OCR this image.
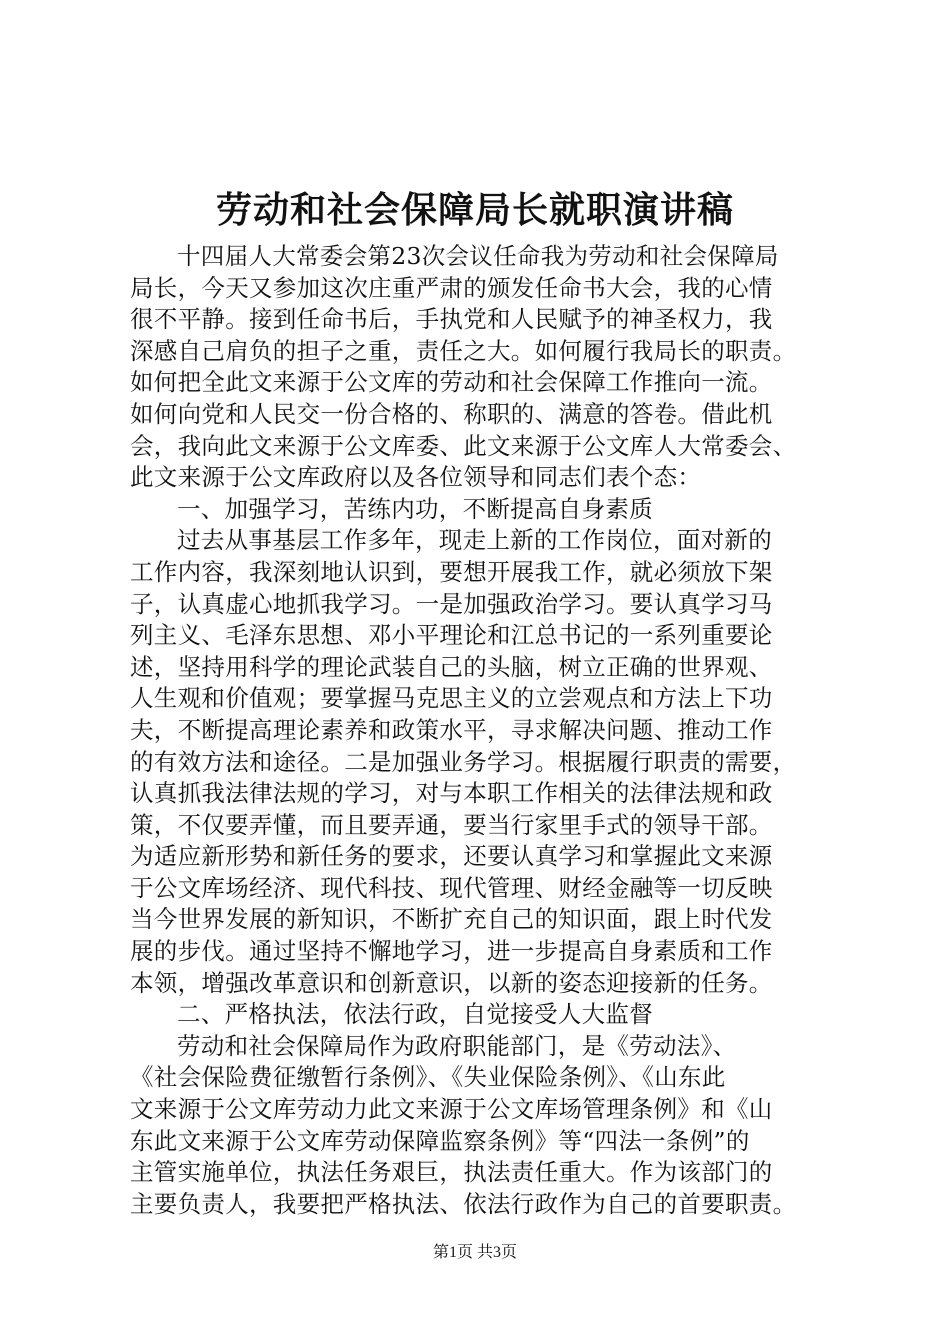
劳动和社会保障局长就职演讲稿
十四届人大常委会第23次会议任命我为劳动和社会保障局
局长，今天又参加这次庄重严肃的颁发任命书大会，我的心情
很不平静。接到任命书后，手执党和人民赋予的神圣权力，我
深感自己肩负的担子之重，责任之大。如何履行我局长的职责。
如何把全此文来源于公文库的劳动和社会保障工作推向一流。
如何向党和人民交一份合格的、称职的、满意的答卷。借此机
会，我向此文来源于公文库委、此文来源于公文库人大常委会、
此文来源于公文库政府以及各位领导和同志们表个态：
一、加强学习，苦练内功，不断提高自身素质
过去从事基层工作多年，现走上新的工作岗位，面对新的
工作内容，我深刻地认识到，要想开展我工作，就必须放下架
子，认真虚心地抓我学习。一是加强政治学习。要认真学习马
列主义、毛泽东思想、邓小平理论和江总书记的一系列重要论
述，坚持用科学的理论武装自己的头脑，树立正确的世界观、
人生观和价值观；要掌握马克思主义的立尝观点和方法上下功
夫，不断提高理论素养和政策水平，寻求解决问题、推动工作
的有效方法和途径。二是加强业务学习。根据履行职责的需要，
认真抓我法律法规的学习，对与本职工作相关的法律法规和政
策，不仅要弄懂，而且要弄通，要当行家里手式的领导干部。
为适应新形势和新任务的要求，还要认真学习和掌握此文来源
于公文库场经济、现代科技、现代管理、财经金融等一切反映
当今世界发展的新知识，不断扩充自己的知识面，跟上时代发
展的步伐。通过坚持不懈地学习，进一步提高自身素质和工作
本领，增强改革意识和创新意识，以新的姿态迎接新的任务。
二、严格执法，依法行政，自觉接受人大监督
劳动和社会保障局作为政府职能部门，是《劳动法》、
《社会保险费征缴暂行条例》、《失业保险条例》、《山东此
文来源于公文库劳动力此文来源于公文库场管理条例》和《山
东此文来源于公文库劳动保障监察条例》等“四法一条例”的
主管实施单位，执法任务艰巨，执法责任重大。作为该部门的
主要负责人，我要把严格执法、依法行政作为自己的首要职责。
第1页 共3页
